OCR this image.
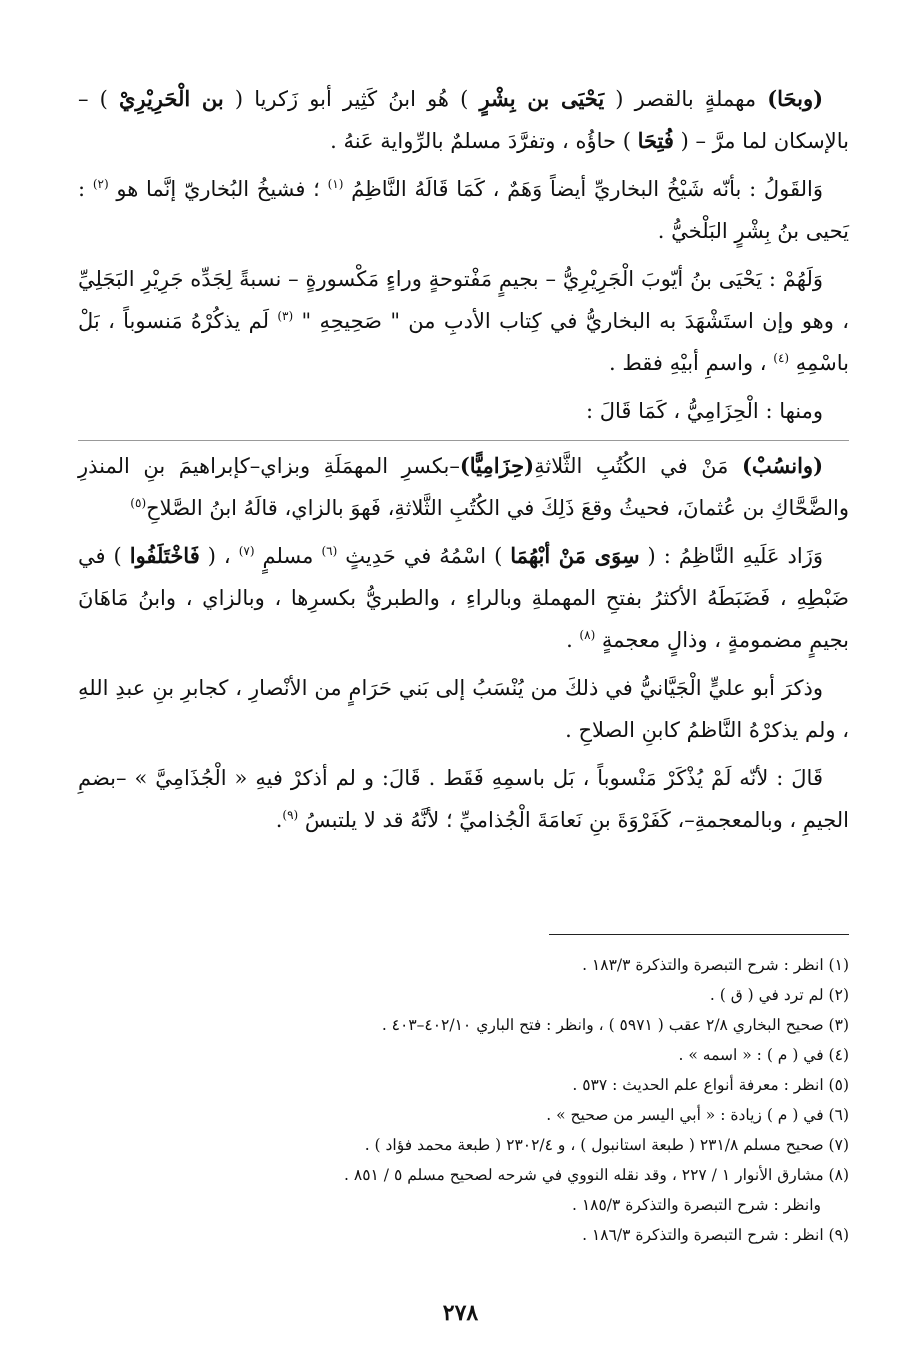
(وبحَا) مهملةٍ بالقصر ( يَحْيَى بن بِشْرٍ ) هُو ابنُ كَثِير أبو زَكريا ( بن الْحَرِيْرِيْ ) – بالإسكان لما مرَّ – ( فُتِحَا ) حاؤُه ، وتفرَّدَ مسلمٌ بالرِّواية عَنهُ .

وَالقَولُ : بأنّه شَيْخُ البخاريِّ أيضاً وَهَمٌ ، كَمَا قَالَهُ النَّاظِمُ $^{(١)}$ ؛ فشيخُ البُخاريّ إنَّما هو $^{(٢)}$ : يَحيى بنُ بِشْرٍ البَلْخيُّ .

وَلَهُمْ : يَحْيَى بنُ أيّوبَ الْجَرِيْرِيُّ – بجيمٍ مَفْتوحةٍ وراءٍ مَكْسورةٍ – نسبةً لِجَدِّه جَرِيْرِ البَجَلِيِّ ، وهو وإن استَشْهَدَ به البخاريُّ في كِتاب الأدبِ من " صَحِيحِهِ " $^{(٣)}$ لَم يذكُرْهُ مَنسوباً ، بَلْ باسْمِهِ $^{(٤)}$ ، واسمِ أبيْهِ فقط .

ومنها : الْحِزَامِيُّ ، كَمَا قَالَ :

(وانسُبْ) مَنْ في الكُتُبِ الثَّلاثةِ(حِزَامِيًّا)–بكسرِ المهمَلَةِ وبزاي–كإبراهيمَ بنِ المنذرِ والضَّحَّاكِ بن عُثمانَ، فحيثُ وقعَ ذَلِكَ في الكُتُبِ الثَّلاثةِ، فَهوَ بالزاي، قالَهُ ابنُ الصَّلاحِ$^{(٥)}$

وَزَاد عَلَيهِ النَّاظِمُ : ( سِوَى مَنْ أبْهُمَا ) اسْمُهُ في حَدِيثٍ $^{(٦)}$ مسلمٍ $^{(٧)}$ ، ( فَاخْتَلَفُوا ) في ضَبْطِهِ ، فَضَبَطَهُ الأكثرُ بفتحِ المهملةِ وبالراءِ ، والطبريُّ بكسرِها ، وبالزاي ، وابنُ مَاهَانَ بجيمٍ مضمومةٍ ، وذالٍ معجمةٍ $^{(٨)}$ .

وذكرَ أبو عليٍّ الْجَيَّانيُّ في ذلكَ من يُنْسَبُ إلى بَني حَرَامٍ من الأنْصارِ ، كجابرِ بنِ عبدِ اللهِ ، ولم يذكرْهُ النَّاظمُ كابنِ الصلاحِ .

قَالَ : لأنّه لَمْ يُذْكَرْ مَنْسوباً ، بَل باسمِهِ فَقَط . قَالَ: و لم أذكرْ فيهِ « الْجُذَامِيَّ » –بضمِ الجيمِ ، وبالمعجمةِ–، كَفَرْوَةَ بنِ نَعامَةَ الْجُذاميِّ ؛ لأنَّهُ قد لا يلتبسُ $^{(٩)}$.

(١) انظر : شرح التبصرة والتذكرة ١٨٣/٣ .
(٢) لم ترد في ( ق ) .
(٣) صحيح البخاري ٢/٨ عقب ( ٥٩٧١ ) ، وانظر : فتح الباري ٤٠٢/١٠–٤٠٣ .
(٤) في ( م ) : « اسمه » .
(٥) انظر : معرفة أنواع علم الحديث : ٥٣٧ .
(٦) في ( م ) زيادة : « أبي اليسر من صحيح » .
(٧) صحيح مسلم ٢٣١/٨ ( طبعة استانبول ) ، و ٢٣٠٢/٤ ( طبعة محمد فؤاد ) .
(٨) مشارق الأنوار ١ / ٢٢٧ ، وقد نقله النووي في شرحه لصحيح مسلم ٥ / ٨٥١ .
وانظر : شرح التبصرة والتذكرة ١٨٥/٣ .
(٩) انظر : شرح التبصرة والتذكرة ١٨٦/٣ .
٢٧٨
